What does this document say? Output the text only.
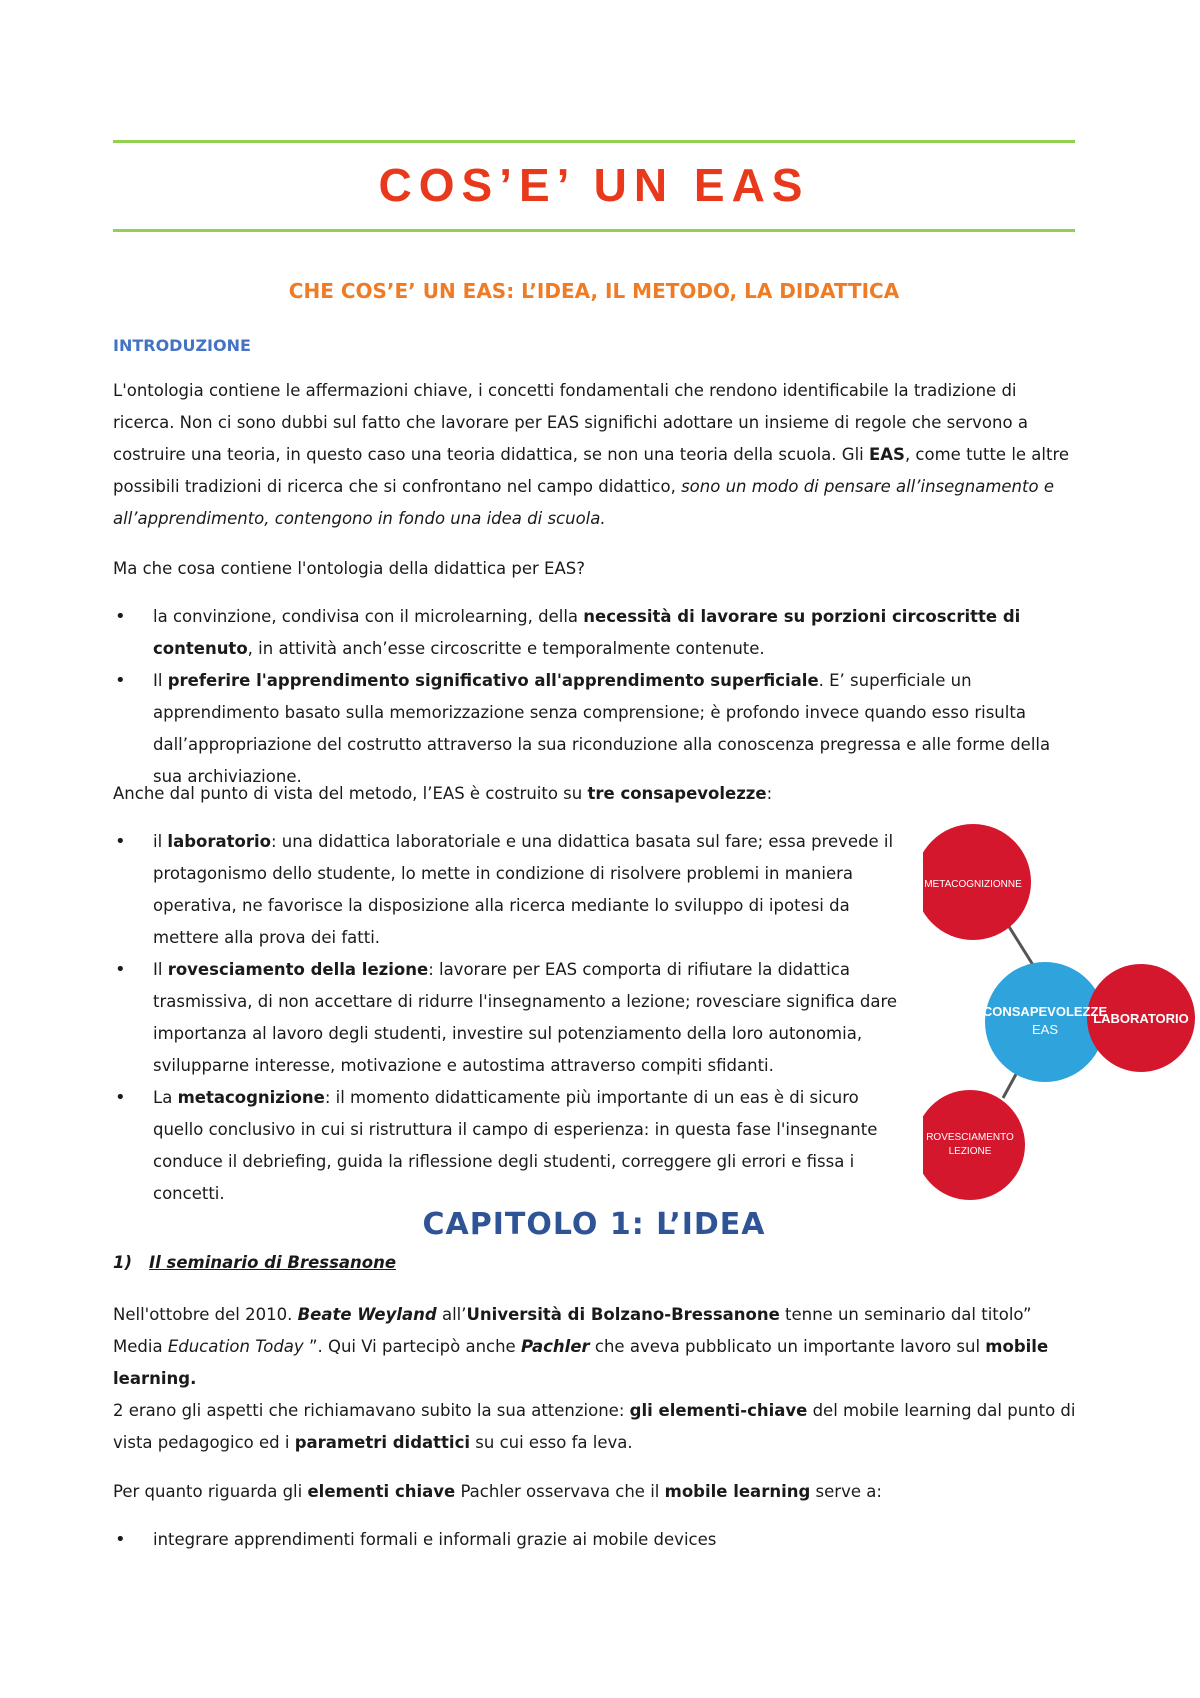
COS’E’ UN EAS
CHE COS’E’ UN EAS: L’IDEA, IL METODO, LA DIDATTICA
INTRODUZIONE

L'ontologia contiene le affermazioni chiave, i concetti fondamentali che rendono identificabile la tradizione di ricerca. Non ci sono dubbi sul fatto che lavorare per EAS significhi adottare un insieme di regole che servono a costruire una teoria, in questo caso una teoria didattica, se non una teoria della scuola. Gli EAS, come tutte le altre possibili tradizioni di ricerca che si confrontano nel campo didattico, sono un modo di pensare all’insegnamento e all’apprendimento, contengono in fondo una idea di scuola.

Ma che cosa contiene l'ontologia della didattica per EAS?

• la convinzione, condivisa con il microlearning, della necessità di lavorare su porzioni circoscritte di contenuto, in attività anch’esse circoscritte e temporalmente contenute.
• Il preferire l'apprendimento significativo all'apprendimento superficiale. E’ superficiale un apprendimento basato sulla memorizzazione senza comprensione; è profondo invece quando esso risulta dall’appropriazione del costrutto attraverso la sua riconduzione alla conoscenza pregressa e alle forme della sua archiviazione.

Anche dal punto di vista del metodo, l’EAS è costruito su tre consapevolezze:

• il laboratorio: una didattica laboratoriale e una didattica basata sul fare; essa prevede il protagonismo dello studente, lo mette in condizione di risolvere problemi in maniera operativa, ne favorisce la disposizione alla ricerca mediante lo sviluppo di ipotesi da mettere alla prova dei fatti.
• Il rovesciamento della lezione: lavorare per EAS comporta di rifiutare la didattica trasmissiva, di non accettare di ridurre l'insegnamento a lezione; rovesciare significa dare importanza al lavoro degli studenti, investire sul potenziamento della loro autonomia, svilupparne interesse, motivazione e autostima attraverso compiti sfidanti.
• La metacognizione: il momento didatticamente più importante di un eas è di sicuro quello conclusivo in cui si ristruttura il campo di esperienza: in questa fase l'insegnante conduce il debriefing, guida la riflessione degli studenti, correggere gli errori e fissa i concetti.
METACOGNIZIONNE
CONSAPEVOLEZZE
EAS
LABORATORIO
ROVESCIAMENTO
LEZIONE
CAPITOLO 1: L’IDEA

1) Il seminario di Bressanone

Nell'ottobre del 2010. Beate Weyland all’Università di Bolzano-Bressanone tenne un seminario dal titolo” Media Education Today ”. Qui Vi partecipò anche Pachler che aveva pubblicato un importante lavoro sul mobile learning.
2 erano gli aspetti che richiamavano subito la sua attenzione: gli elementi-chiave del mobile learning dal punto di vista pedagogico ed i parametri didattici su cui esso fa leva.

Per quanto riguarda gli elementi chiave Pachler osservava che il mobile learning serve a:

• integrare apprendimenti formali e informali grazie ai mobile devices
